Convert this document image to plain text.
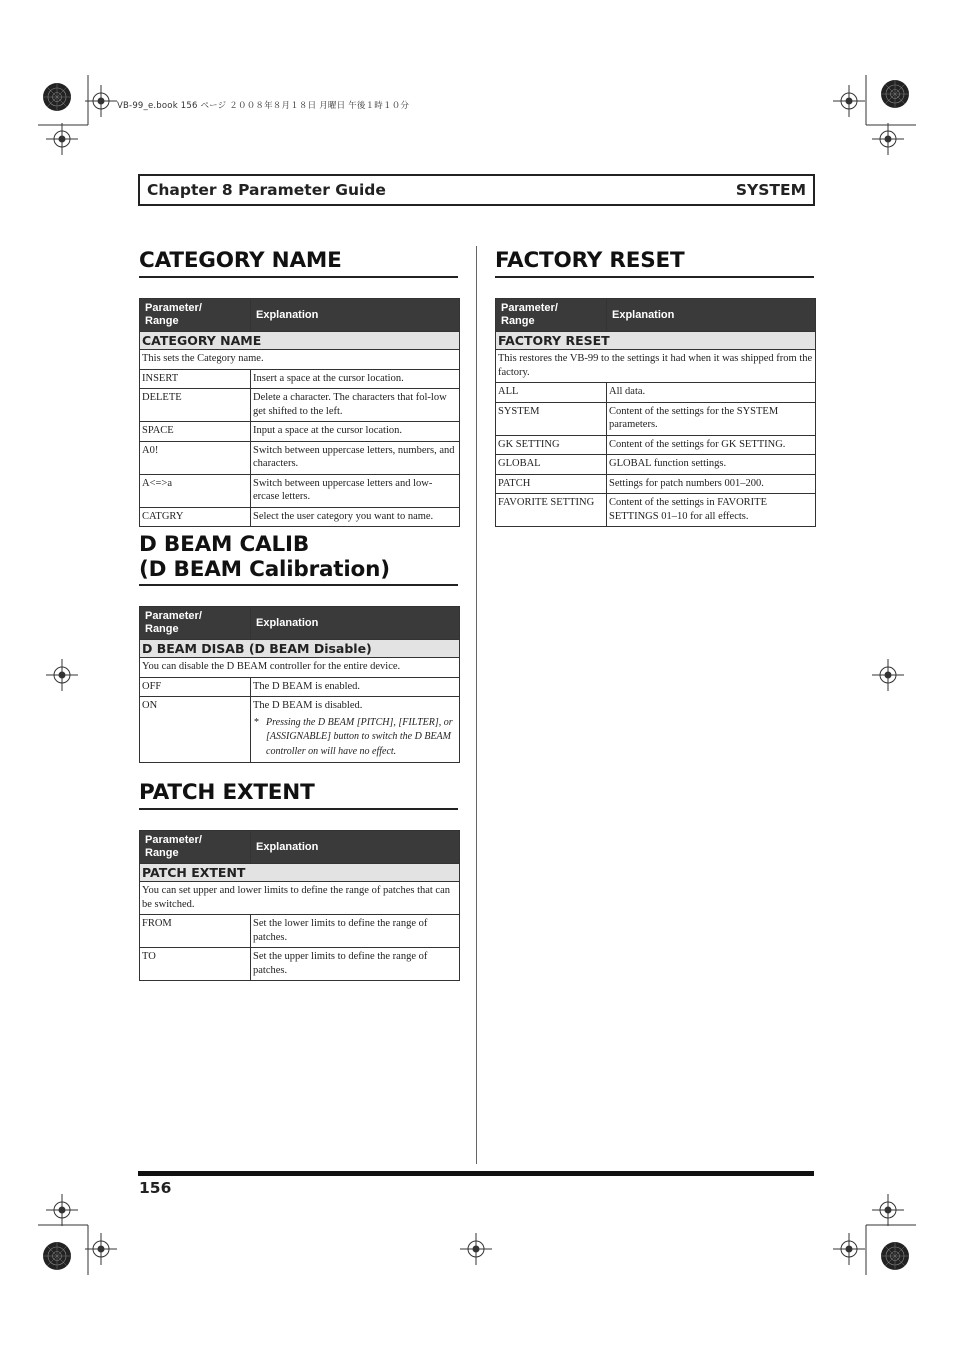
VB-99_e.book 156 ページ ２００８年８月１８日 月曜日 午後１時１０分
Chapter 8 Parameter Guide	SYSTEM
CATEGORY NAME
Parameter/
Range	Explanation
CATEGORY NAME	
This sets the Category name.	
INSERT	Insert a space at the cursor location.
DELETE	Delete a character. The characters that fol-low get shifted to the left.
SPACE	Input a space at the cursor location.
A0!	Switch between uppercase letters, numbers, and characters.
A<=>a	Switch between uppercase letters and low-ercase letters.
CATGRY	Select the user category you want to name.
D BEAM CALIB
(D BEAM Calibration)
Parameter/
Range	Explanation
D BEAM DISAB (D BEAM Disable)	
You can disable the D BEAM controller for the entire device.	
OFF	The D BEAM is enabled.
ON	The D BEAM is disabled.
* Pressing the D BEAM [PITCH], [FILTER], or [ASSIGNABLE] button to switch the D BEAM controller on will have no effect.
PATCH EXTENT
Parameter/
Range	Explanation
PATCH EXTENT	
You can set upper and lower limits to define the range of patches that can be switched.	
FROM	Set the lower limits to define the range of patches.
TO	Set the upper limits to define the range of patches.
FACTORY RESET
Parameter/
Range	Explanation
FACTORY RESET	
This restores the VB-99 to the settings it had when it was shipped from the factory.	
ALL	All data.
SYSTEM	Content of the settings for the SYSTEM parameters.
GK SETTING	Content of the settings for GK SETTING.
GLOBAL	GLOBAL function settings.
PATCH	Settings for patch numbers 001–200.
FAVORITE SETTING	Content of the settings in FAVORITE SETTINGS 01–10 for all effects.
156
